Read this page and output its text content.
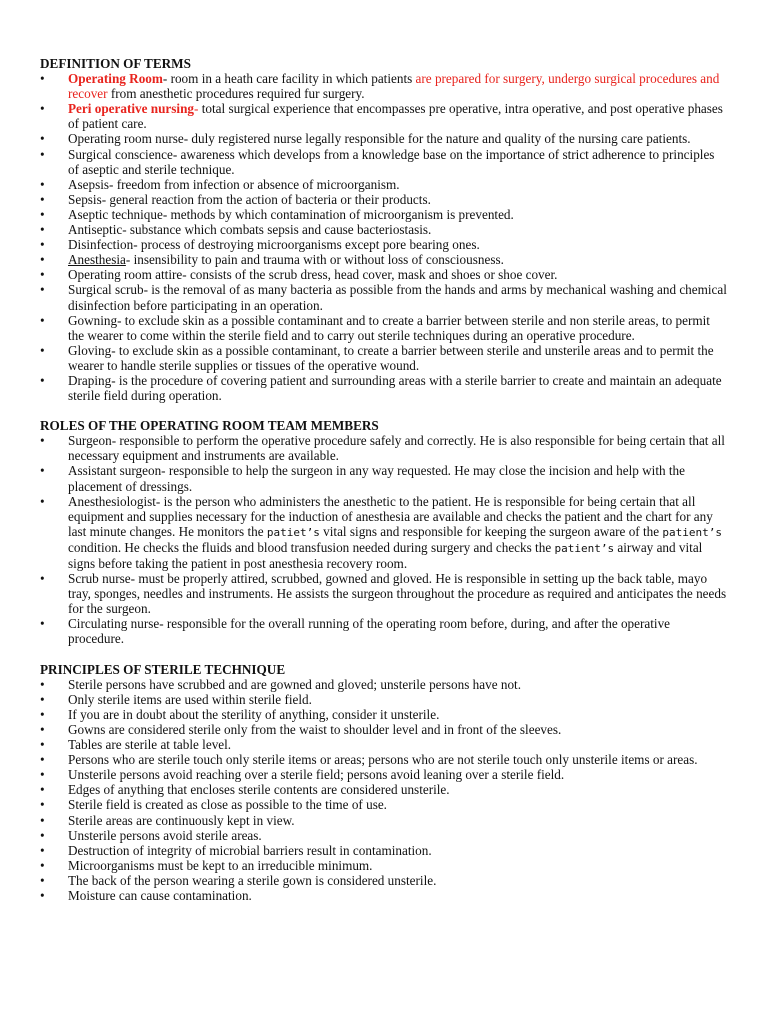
DEFINITION OF TERMS
• Operating Room- room in a heath care facility in which patients are prepared for surgery, undergo surgical procedures and recover from anesthetic procedures required fur surgery.
• Peri operative nursing- total surgical experience that encompasses pre operative, intra operative, and post operative phases of patient care.
• Operating room nurse- duly registered nurse legally responsible for the nature and quality of the nursing care patients.
• Surgical conscience- awareness which develops from a knowledge base on the importance of strict adherence to principles of aseptic and sterile technique.
• Asepsis- freedom from infection or absence of microorganism.
• Sepsis- general reaction from the action of bacteria or their products.
• Aseptic technique- methods by which contamination of microorganism is prevented.
• Antiseptic- substance which combats sepsis and cause bacteriostasis.
• Disinfection- process of destroying microorganisms except pore bearing ones.
• Anesthesia- insensibility to pain and trauma with or without loss of consciousness.
• Operating room attire- consists of the scrub dress, head cover, mask and shoes or shoe cover.
• Surgical scrub- is the removal of as many bacteria as possible from the hands and arms by mechanical washing and chemical disinfection before participating in an operation.
• Gowning- to exclude skin as a possible contaminant and to create a barrier between sterile and non sterile areas, to permit the wearer to come within the sterile field and to carry out sterile techniques during an operative procedure.
• Gloving- to exclude skin as a possible contaminant, to create a barrier between sterile and unsterile areas and to permit the wearer to handle sterile supplies or tissues of the operative wound.
• Draping- is the procedure of covering patient and surrounding areas with a sterile barrier to create and maintain an adequate sterile field during operation.
ROLES OF THE OPERATING ROOM TEAM MEMBERS
• Surgeon- responsible to perform the operative procedure safely and correctly. He is also responsible for being certain that all necessary equipment and instruments are available.
• Assistant surgeon- responsible to help the surgeon in any way requested. He may close the incision and help with the placement of dressings.
• Anesthesiologist- is the person who administers the anesthetic to the patient. He is responsible for being certain that all equipment and supplies necessary for the induction of anesthesia are available and checks the patient and the chart for any last minute changes. He monitors the patiet’s vital signs and responsible for keeping the surgeon aware of the patient’s condition. He checks the fluids and blood transfusion needed during surgery and checks the patient’s airway and vital signs before taking the patient in post anesthesia recovery room.
• Scrub nurse- must be properly attired, scrubbed, gowned and gloved. He is responsible in setting up the back table, mayo tray, sponges, needles and instruments. He assists the surgeon throughout the procedure as required and anticipates the needs for the surgeon.
• Circulating nurse- responsible for the overall running of the operating room before, during, and after the operative procedure.
PRINCIPLES OF STERILE TECHNIQUE
• Sterile persons have scrubbed and are gowned and gloved; unsterile persons have not.
• Only sterile items are used within sterile field.
• If you are in doubt about the sterility of anything, consider it unsterile.
• Gowns are considered sterile only from the waist to shoulder level and in front of the sleeves.
• Tables are sterile at table level.
• Persons who are sterile touch only sterile items or areas; persons who are not sterile touch only unsterile items or areas.
• Unsterile persons avoid reaching over a sterile field; persons avoid leaning over a sterile field.
• Edges of anything that encloses sterile contents are considered unsterile.
• Sterile field is created as close as possible to the time of use.
• Sterile areas are continuously kept in view.
• Unsterile persons avoid sterile areas.
• Destruction of integrity of microbial barriers result in contamination.
• Microorganisms must be kept to an irreducible minimum.
• The back of the person wearing a sterile gown is considered unsterile.
• Moisture can cause contamination.
